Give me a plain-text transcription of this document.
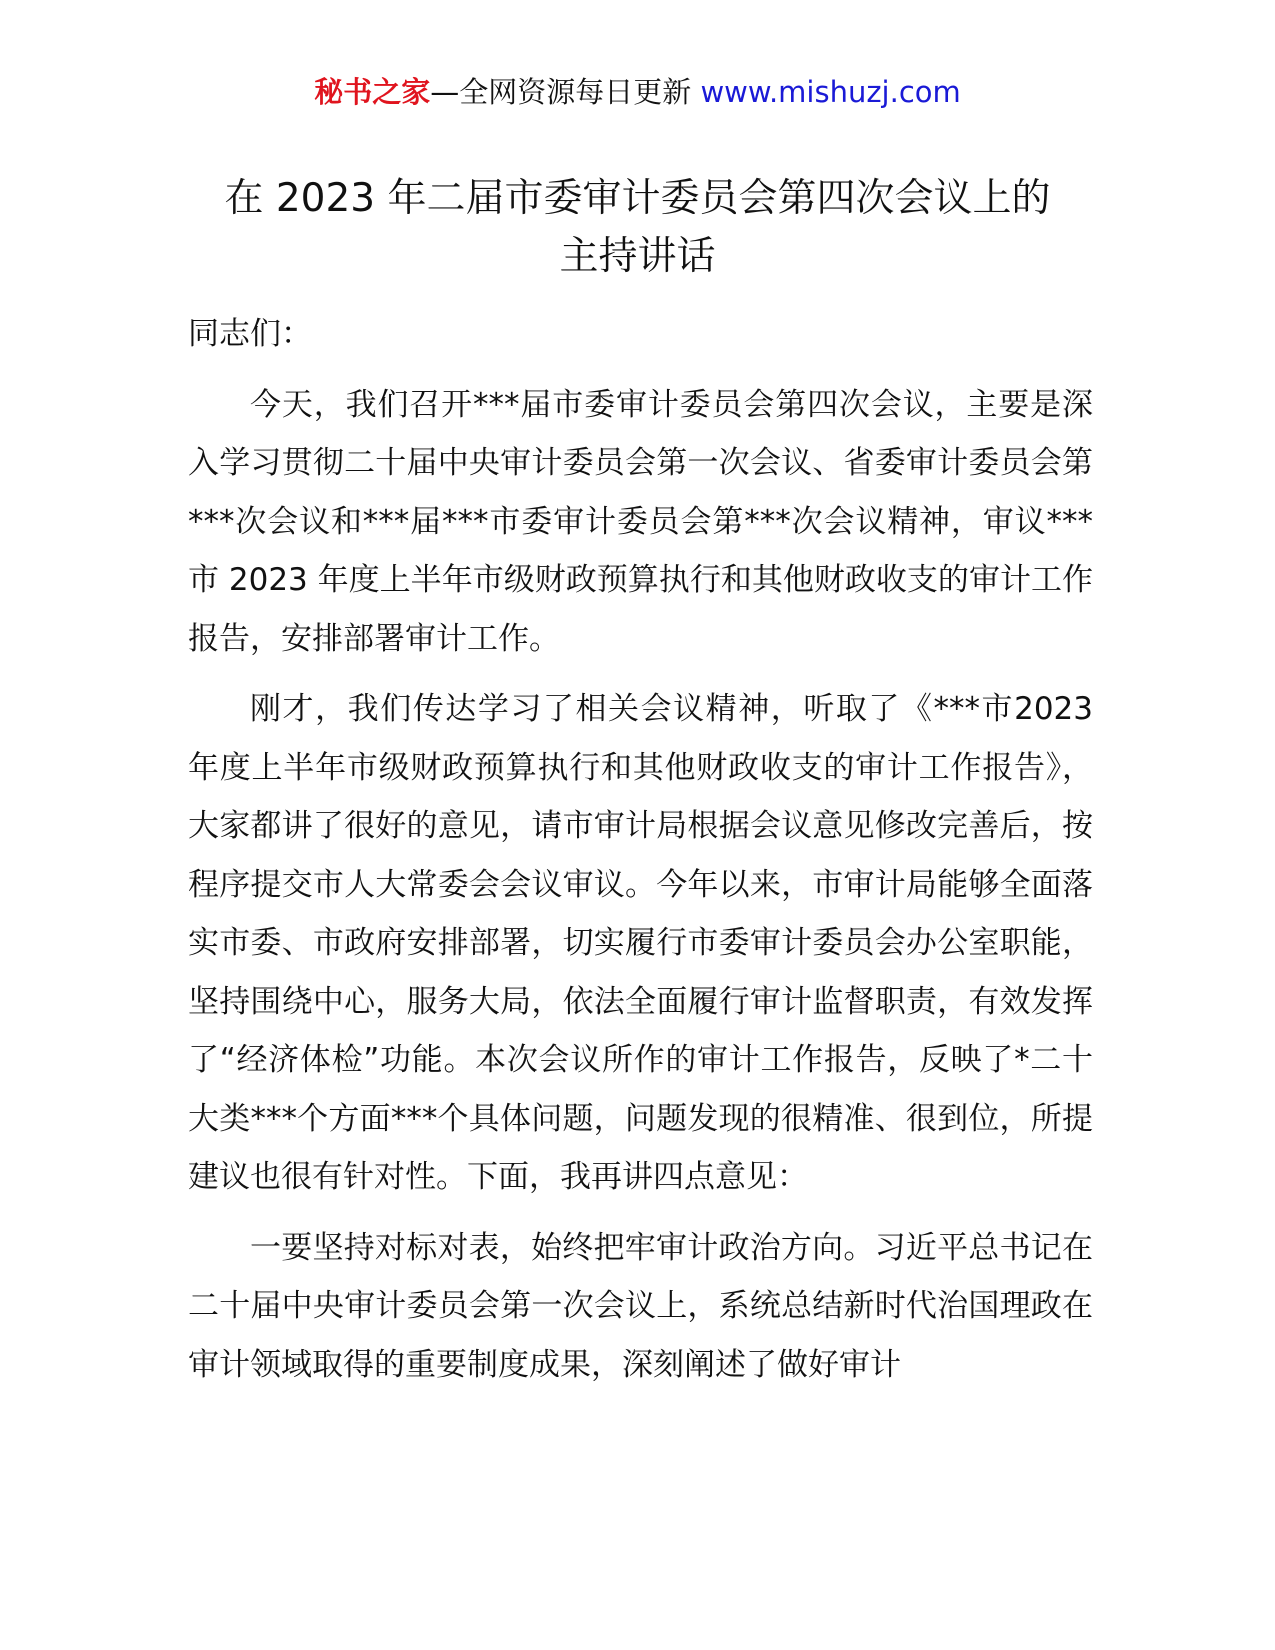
秘书之家—全网资源每日更新 www.mishuzj.com
在 2023 年二届市委审计委员会第四次会议上的
主持讲话

同志们：

今天，我们召开***届市委审计委员会第四次会议，主要是深入学习贯彻二十届中央审计委员会第一次会议、省委审计委员会第***次会议和***届***市委审计委员会第***次会议精神，审议***市 2023 年度上半年市级财政预算执行和其他财政收支的审计工作报告，安排部署审计工作。

刚才，我们传达学习了相关会议精神，听取了《***市2023 年度上半年市级财政预算执行和其他财政收支的审计工作报告》，大家都讲了很好的意见，请市审计局根据会议意见修改完善后，按程序提交市人大常委会会议审议。今年以来，市审计局能够全面落实市委、市政府安排部署，切实履行市委审计委员会办公室职能，坚持围绕中心，服务大局，依法全面履行审计监督职责，有效发挥了“经济体检”功能。本次会议所作的审计工作报告，反映了*二十大类***个方面***个具体问题，问题发现的很精准、很到位，所提建议也很有针对性。下面，我再讲四点意见：

一要坚持对标对表，始终把牢审计政治方向。习近平总书记在二十届中央审计委员会第一次会议上，系统总结新时代治国理政在审计领域取得的重要制度成果，深刻阐述了做好审计
